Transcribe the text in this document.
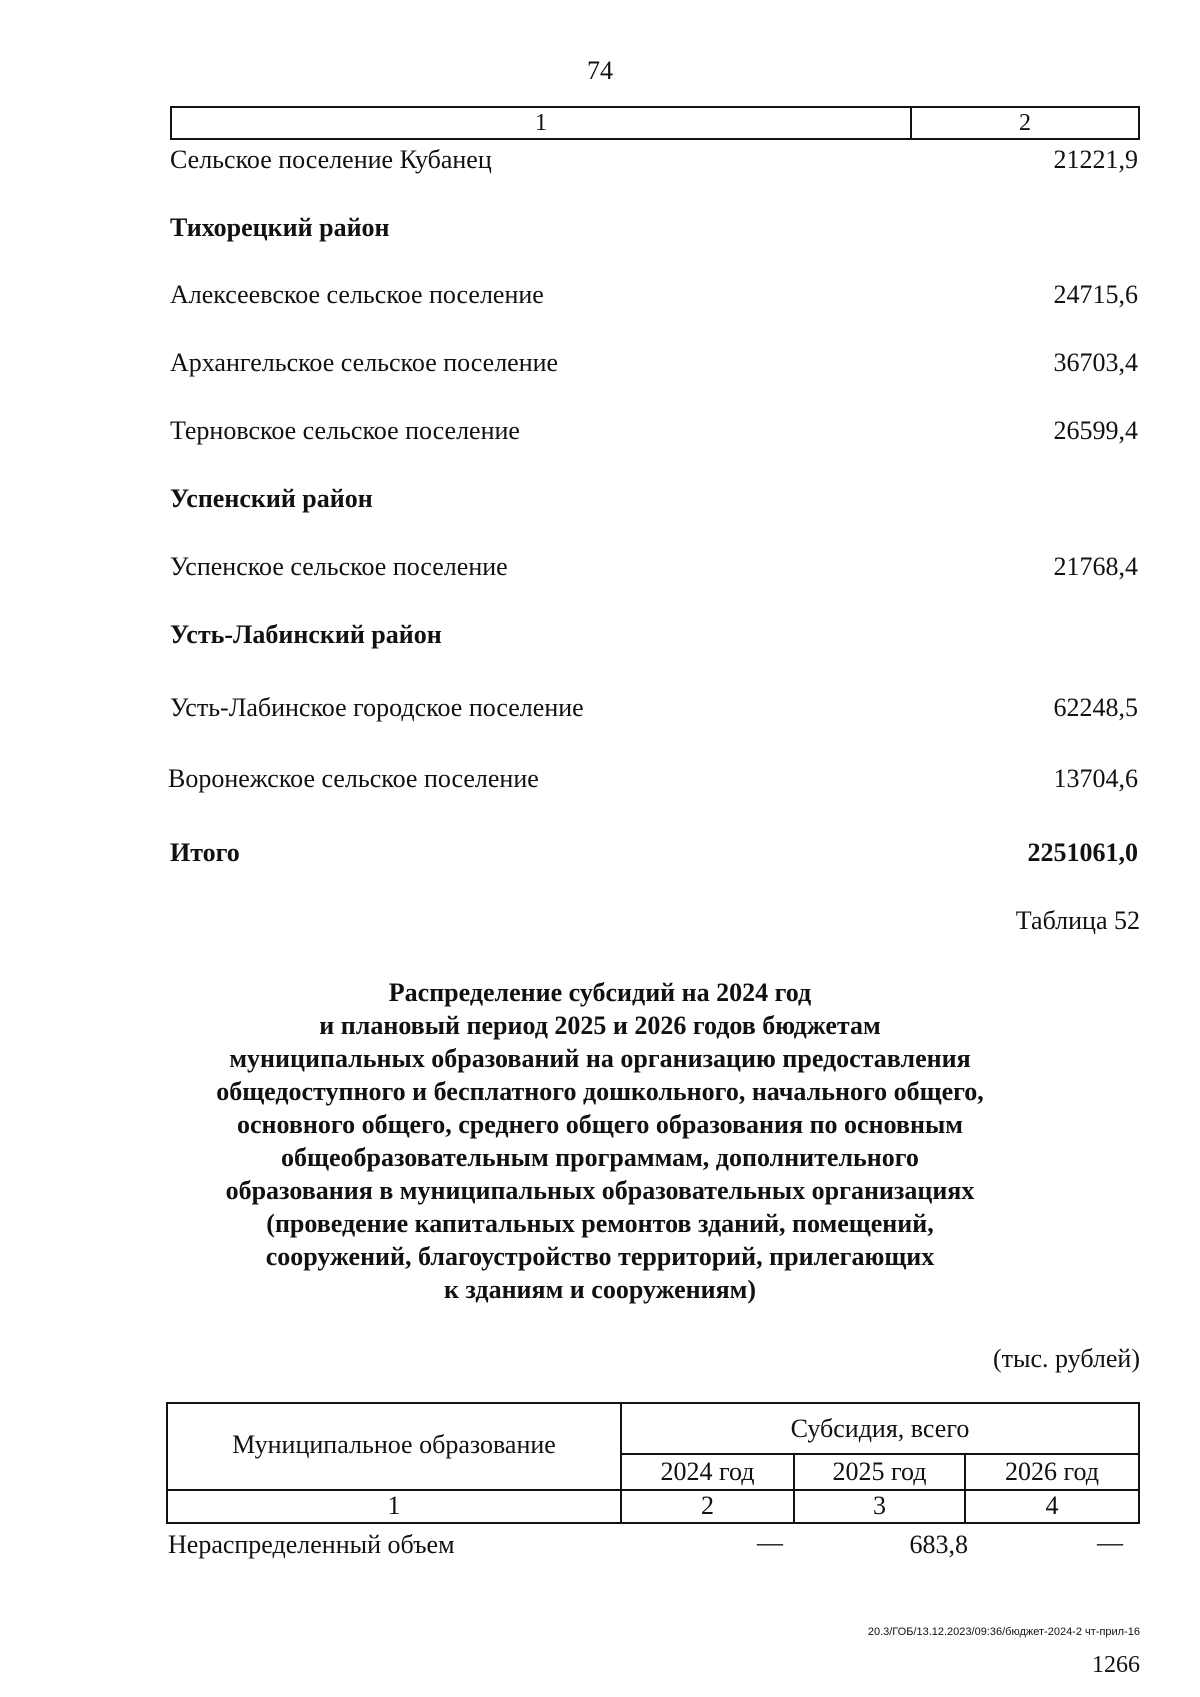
74
1	2
Сельское поселение Кубанец	21221,9
Тихорецкий район
Алексеевское сельское поселение	24715,6
Архангельское сельское поселение	36703,4
Терновское сельское поселение	26599,4
Успенский район
Успенское сельское поселение	21768,4
Усть-Лабинский район
Усть-Лабинское городское поселение	62248,5
Воронежское сельское поселение	13704,6
Итого	2251061,0
Таблица 52
Распределение субсидий на 2024 год
и плановый период 2025 и 2026 годов бюджетам
муниципальных образований на организацию предоставления
общедоступного и бесплатного дошкольного, начального общего,
основного общего, среднего общего образования по основным
общеобразовательным программам, дополнительного
образования в муниципальных образовательных организациях
(проведение капитальных ремонтов зданий, помещений,
сооружений, благоустройство территорий, прилегающих
к зданиям и сооружениям)
(тыс. рублей)
Муниципальное образование
Субсидия, всего
2024 год	2025 год	2026 год
1	2	3	4
Нераспределенный объем	—	683,8	—
20.3/ГОБ/13.12.2023/09:36/бюджет-2024-2 чт-прил-16
1266
